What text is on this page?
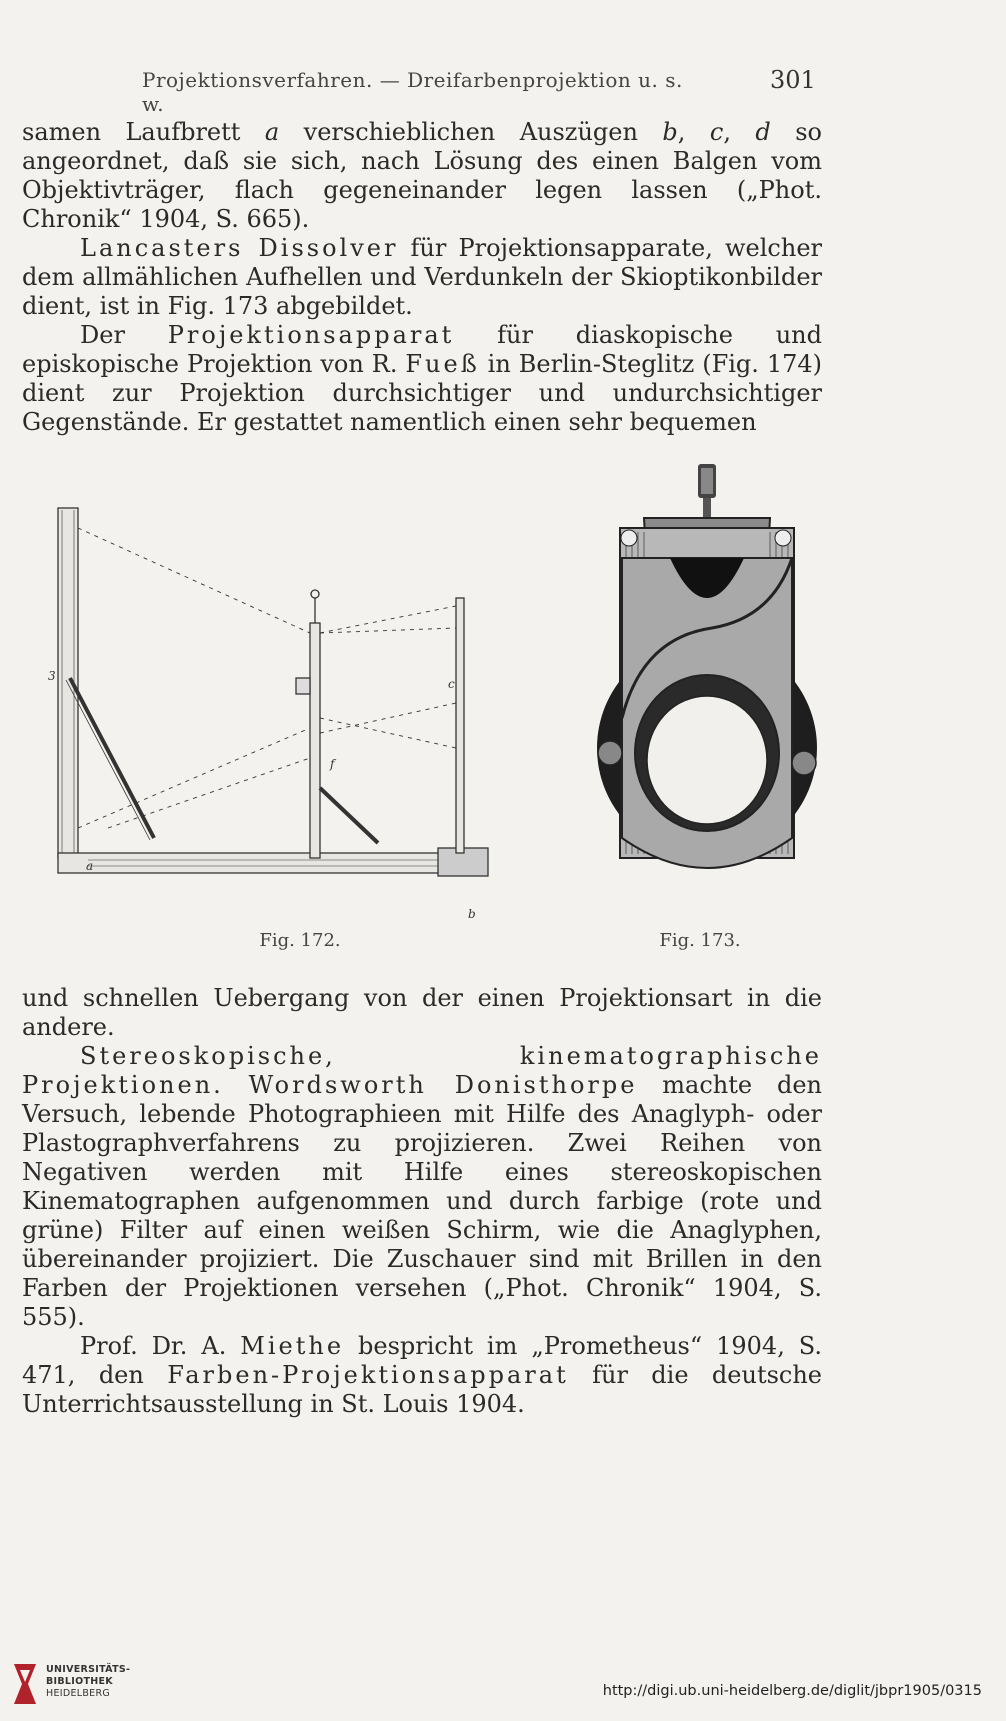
Projektionsverfahren. — Dreifarbenprojektion u. s. w.
301

samen Laufbrett a verschieblichen Auszügen b, c, d so angeordnet, daß sie sich, nach Lösung des einen Balgen vom Objektivträger, flach gegeneinander legen lassen („Phot. Chronik“ 1904, S. 665).

Lancasters Dissolver für Projektionsapparate, welcher dem allmählichen Aufhellen und Verdunkeln der Skioptikonbilder dient, ist in Fig. 173 abgebildet.

Der Projektionsapparat für diaskopische und episkopische Projektion von R. Fueß in Berlin-Steglitz (Fig. 174) dient zur Projektion durchsichtiger und undurchsichtiger Gegenstände. Er gestattet namentlich einen sehr bequemen

a
b
f
3
c
Fig. 172.	Fig. 173.

und schnellen Uebergang von der einen Projektionsart in die andere.

Stereoskopische, kinematographische Projektionen. Wordsworth Donisthorpe machte den Versuch, lebende Photographieen mit Hilfe des Anaglyph- oder Plastographverfahrens zu projizieren. Zwei Reihen von Negativen werden mit Hilfe eines stereoskopischen Kinematographen aufgenommen und durch farbige (rote und grüne) Filter auf einen weißen Schirm, wie die Anaglyphen, übereinander projiziert. Die Zuschauer sind mit Brillen in den Farben der Projektionen versehen („Phot. Chronik“ 1904, S. 555).

Prof. Dr. A. Miethe bespricht im „Prometheus“ 1904, S. 471, den Farben-Projektionsapparat für die deutsche Unterrichtsausstellung in St. Louis 1904.

UNIVERSITÄTS-
BIBLIOTHEK
HEIDELBERG	http://digi.ub.uni-heidelberg.de/diglit/jbpr1905/0315
